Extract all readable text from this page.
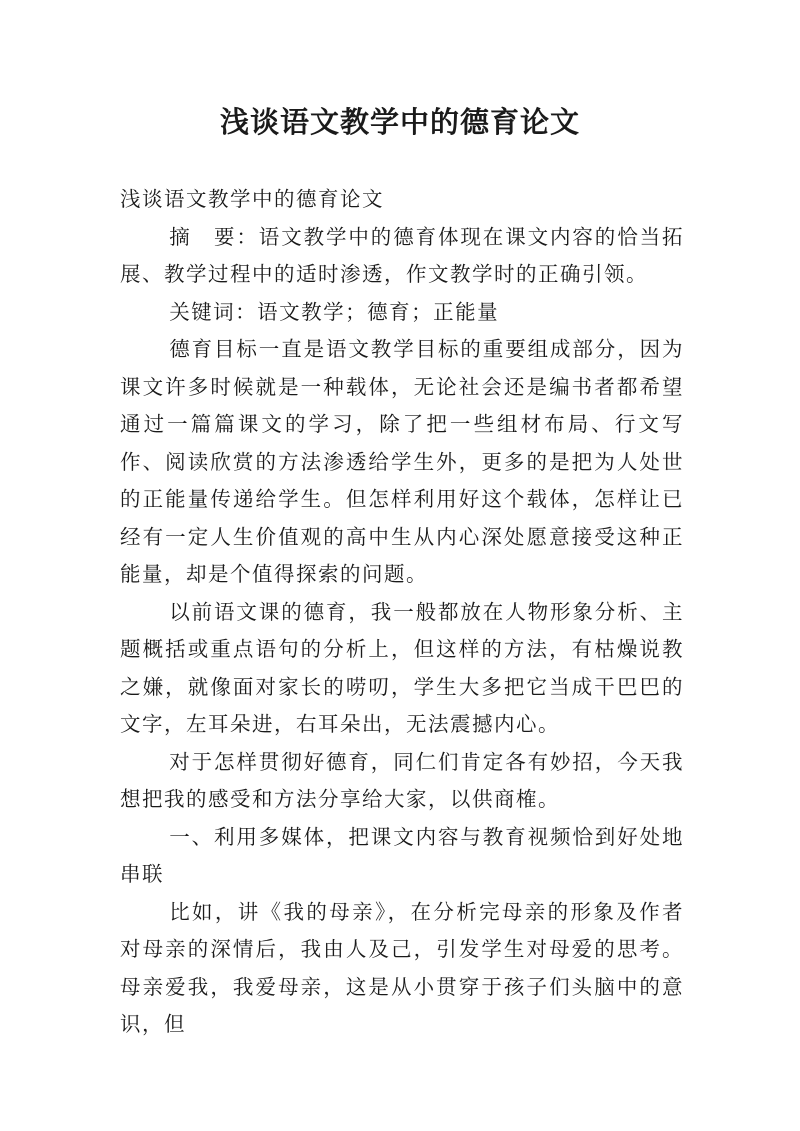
浅谈语文教学中的德育论文

浅谈语文教学中的德育论文

摘　要：语文教学中的德育体现在课文内容的恰当拓展、教学过程中的适时渗透，作文教学时的正确引领。

关键词：语文教学；德育；正能量

德育目标一直是语文教学目标的重要组成部分，因为课文许多时候就是一种载体，无论社会还是编书者都希望通过一篇篇课文的学习，除了把一些组材布局、行文写作、阅读欣赏的方法渗透给学生外，更多的是把为人处世的正能量传递给学生。但怎样利用好这个载体，怎样让已经有一定人生价值观的高中生从内心深处愿意接受这种正能量，却是个值得探索的问题。

以前语文课的德育，我一般都放在人物形象分析、主题概括或重点语句的分析上，但这样的方法，有枯燥说教之嫌，就像面对家长的唠叨，学生大多把它当成干巴巴的文字，左耳朵进，右耳朵出，无法震撼内心。

对于怎样贯彻好德育，同仁们肯定各有妙招，今天我想把我的感受和方法分享给大家，以供商榷。

一、利用多媒体，把课文内容与教育视频恰到好处地串联

比如，讲《我的母亲》，在分析完母亲的形象及作者对母亲的深情后，我由人及己，引发学生对母爱的思考。母亲爱我，我爱母亲，这是从小贯穿于孩子们头脑中的意识，但
